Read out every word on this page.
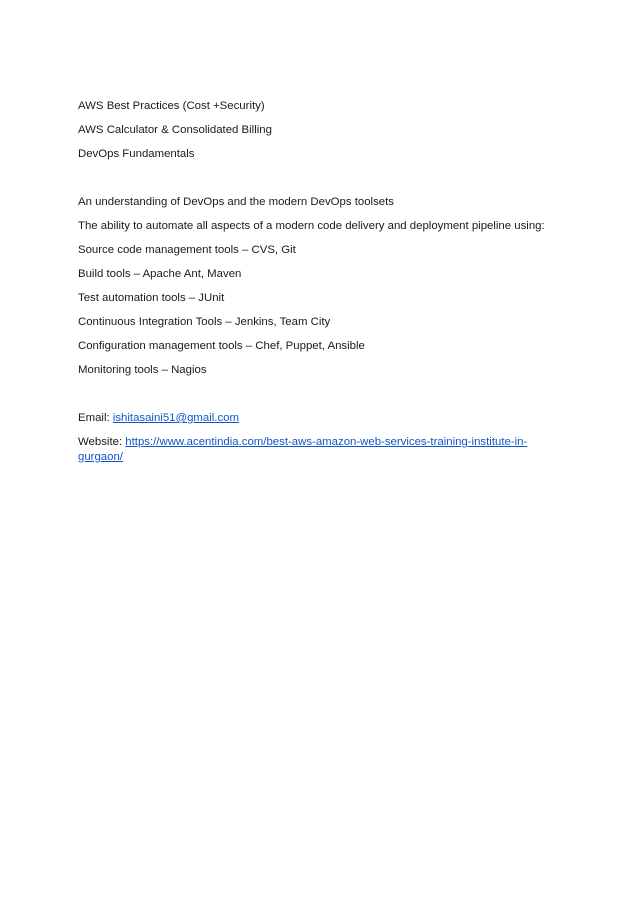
AWS Best Practices (Cost +Security)

AWS Calculator & Consolidated Billing

DevOps Fundamentals

An understanding of DevOps and the modern DevOps toolsets

The ability to automate all aspects of a modern code delivery and deployment pipeline using:

Source code management tools – CVS, Git

Build tools – Apache Ant, Maven

Test automation tools – JUnit

Continuous Integration Tools – Jenkins, Team City

Configuration management tools – Chef, Puppet, Ansible

Monitoring tools – Nagios

Email: ishitasaini51@gmail.com

Website: https://www.acentindia.com/best-aws-amazon-web-services-training-institute-in-gurgaon/
